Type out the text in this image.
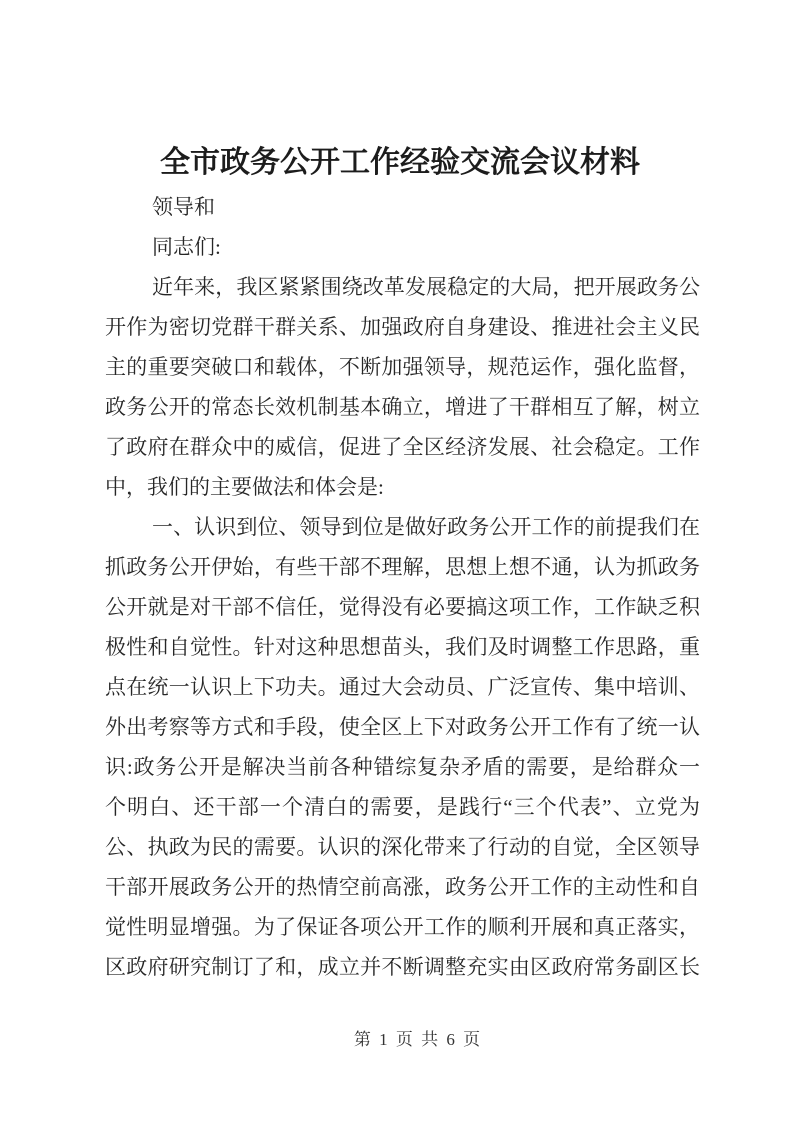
全市政务公开工作经验交流会议材料
领导和
同志们:
近年来，我区紧紧围绕改革发展稳定的大局，把开展政务公
开作为密切党群干群关系、加强政府自身建设、推进社会主义民
主的重要突破口和载体，不断加强领导，规范运作，强化监督，
政务公开的常态长效机制基本确立，增进了干群相互了解，树立
了政府在群众中的威信，促进了全区经济发展、社会稳定。工作
中，我们的主要做法和体会是:
一、认识到位、领导到位是做好政务公开工作的前提我们在
抓政务公开伊始，有些干部不理解，思想上想不通，认为抓政务
公开就是对干部不信任，觉得没有必要搞这项工作，工作缺乏积
极性和自觉性。针对这种思想苗头，我们及时调整工作思路，重
点在统一认识上下功夫。通过大会动员、广泛宣传、集中培训、
外出考察等方式和手段，使全区上下对政务公开工作有了统一认
识:政务公开是解决当前各种错综复杂矛盾的需要，是给群众一
个明白、还干部一个清白的需要，是践行“三个代表”、立党为
公、执政为民的需要。认识的深化带来了行动的自觉，全区领导
干部开展政务公开的热情空前高涨，政务公开工作的主动性和自
觉性明显增强。为了保证各项公开工作的顺利开展和真正落实，
区政府研究制订了和，成立并不断调整充实由区政府常务副区长
第 1 页 共 6 页
